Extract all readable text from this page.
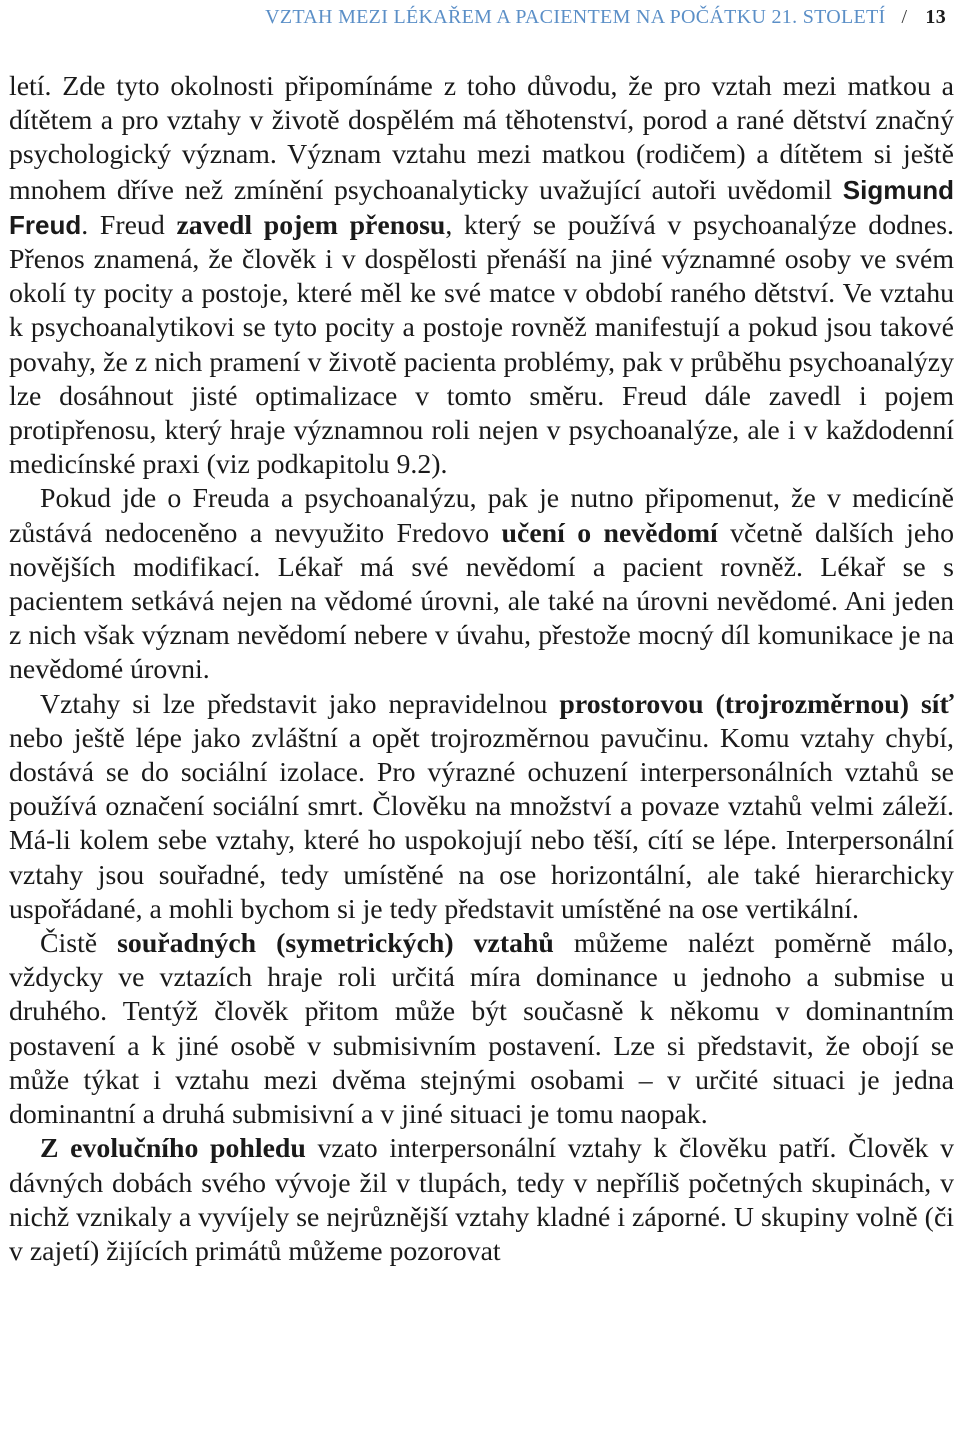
VZTAH MEZI LÉKAŘEM A PACIENTEM NA POČÁTKU 21. STOLETÍ / 13

letí. Zde tyto okolnosti připomínáme z toho důvodu, že pro vztah mezi matkou a dítětem a pro vztahy v životě dospělém má těhotenství, porod a rané dětství značný psychologický význam. Význam vztahu mezi matkou (rodičem) a dítětem si ještě mnohem dříve než zmínění psychoanalyticky uvažující autoři uvědomil Sigmund Freud. Freud zavedl pojem přenosu, který se používá v psychoanalýze dodnes. Přenos znamená, že člověk i v dospělosti přenáší na jiné významné osoby ve svém okolí ty pocity a postoje, které měl ke své matce v období raného dětství. Ve vztahu k psychoanalytikovi se tyto pocity a postoje rovněž manifestují a pokud jsou takové povahy, že z nich pramení v životě pacienta problémy, pak v průběhu psychoanalýzy lze dosáhnout jisté optimalizace v tomto směru. Freud dále zavedl i pojem protipřenosu, který hraje významnou roli nejen v psychoanalýze, ale i v každodenní medicínské praxi (viz podkapitolu 9.2).

Pokud jde o Freuda a psychoanalýzu, pak je nutno připomenut, že v medicíně zůstává nedoceněno a nevyužito Fredovo učení o nevědomí včetně dalších jeho novějších modifikací. Lékař má své nevědomí a pacient rovněž. Lékař se s pacientem setkává nejen na vědomé úrovni, ale také na úrovni nevědomé. Ani jeden z nich však význam nevědomí nebere v úvahu, přestože mocný díl komunikace je na nevědomé úrovni.

Vztahy si lze představit jako nepravidelnou prostorovou (trojrozměrnou) síť nebo ještě lépe jako zvláštní a opět trojrozměrnou pavučinu. Komu vztahy chybí, dostává se do sociální izolace. Pro výrazné ochuzení interpersonálních vztahů se používá označení sociální smrt. Člověku na množství a povaze vztahů velmi záleží. Má-li kolem sebe vztahy, které ho uspokojují nebo těší, cítí se lépe. Interpersonální vztahy jsou souřadné, tedy umístěné na ose horizontální, ale také hierarchicky uspořádané, a mohli bychom si je tedy představit umístěné na ose vertikální.

Čistě souřadných (symetrických) vztahů můžeme nalézt poměrně málo, vždycky ve vztazích hraje roli určitá míra dominance u jednoho a submise u druhého. Tentýž člověk přitom může být současně k někomu v dominantním postavení a k jiné osobě v submisivním postavení. Lze si představit, že obojí se může týkat i vztahu mezi dvěma stejnými osobami – v určité situaci je jedna dominantní a druhá submisivní a v jiné situaci je tomu naopak.

Z evolučního pohledu vzato interpersonální vztahy k člověku patří. Člověk v dávných dobách svého vývoje žil v tlupách, tedy v nepříliš početných skupinách, v nichž vznikaly a vyvíjely se nejrůznější vztahy kladné i záporné. U skupiny volně (či v zajetí) žijících primátů můžeme pozorovat
